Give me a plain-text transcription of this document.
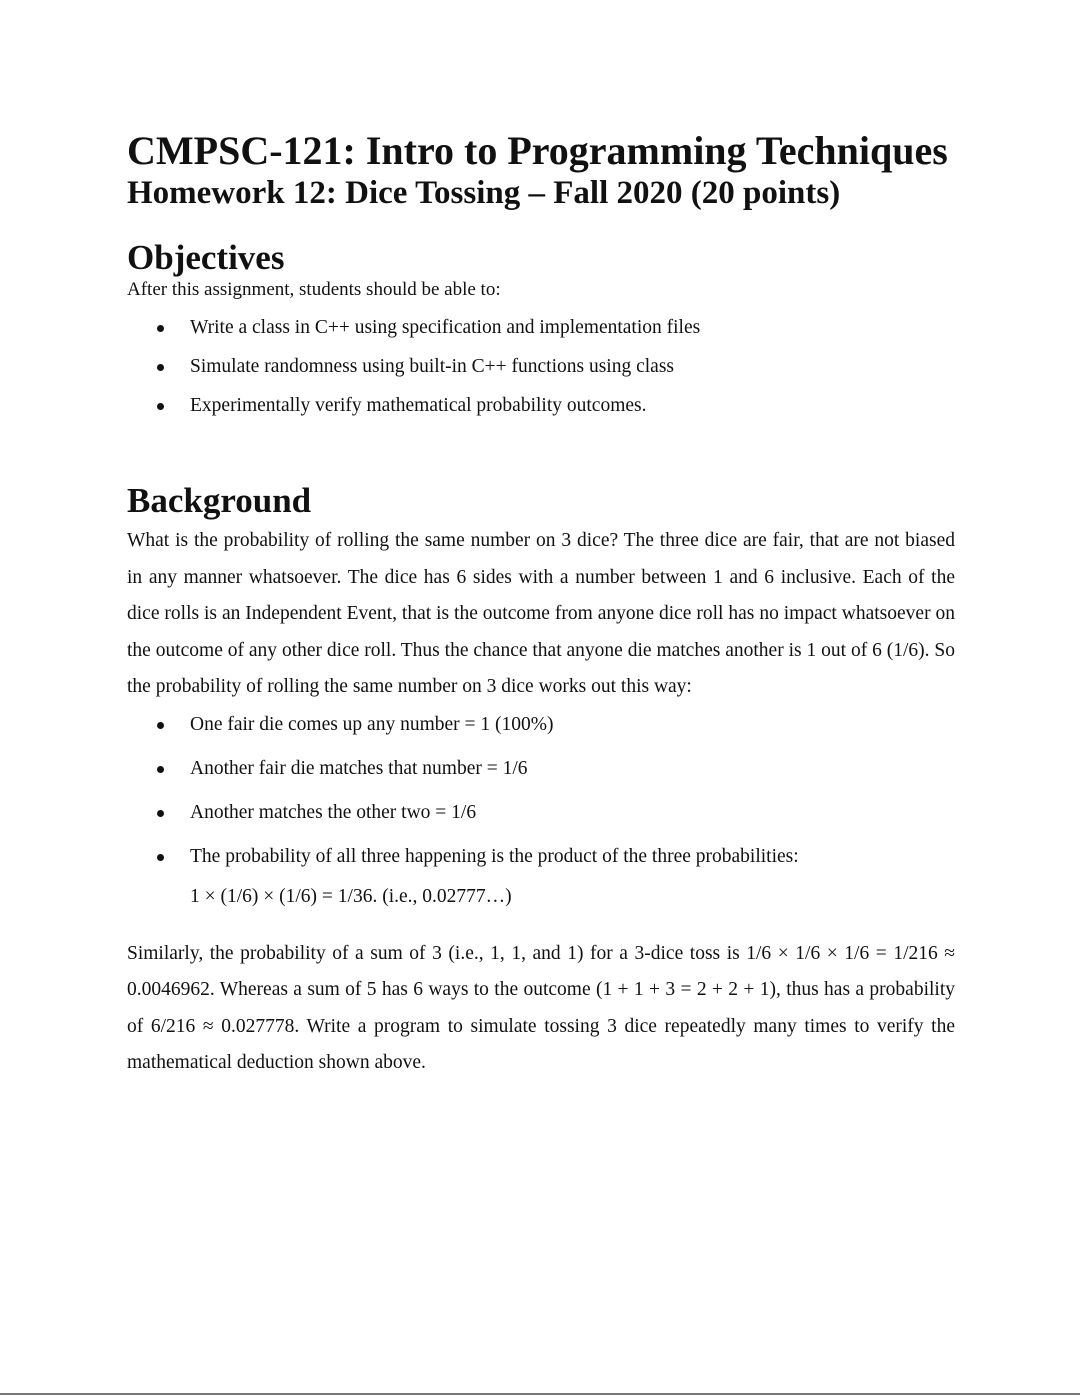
CMPSC-121: Intro to Programming Techniques
Homework 12: Dice Tossing – Fall 2020 (20 points)
Objectives

After this assignment, students should be able to:

Write a class in C++ using specification and implementation files
Simulate randomness using built-in C++ functions using class
Experimentally verify mathematical probability outcomes.
Background

What is the probability of rolling the same number on 3 dice? The three dice are fair, that are not biased in any manner whatsoever. The dice has 6 sides with a number between 1 and 6 inclusive. Each of the dice rolls is an Independent Event, that is the outcome from anyone dice roll has no impact whatsoever on the outcome of any other dice roll. Thus the chance that anyone die matches another is 1 out of 6 (1/6). So the probability of rolling the same number on 3 dice works out this way:

One fair die comes up any number = 1 (100%)
Another fair die matches that number = 1/6
Another matches the other two = 1/6
The probability of all three happening is the product of the three probabilities:

1 × (1/6) × (1/6) = 1/36. (i.e., 0.02777…)

Similarly, the probability of a sum of 3 (i.e., 1, 1, and 1) for a 3-dice toss is 1/6 × 1/6 × 1/6 = 1/216 ≈ 0.0046962. Whereas a sum of 5 has 6 ways to the outcome (1 + 1 + 3 = 2 + 2 + 1), thus has a probability of 6/216 ≈ 0.027778. Write a program to simulate tossing 3 dice repeatedly many times to verify the mathematical deduction shown above.
